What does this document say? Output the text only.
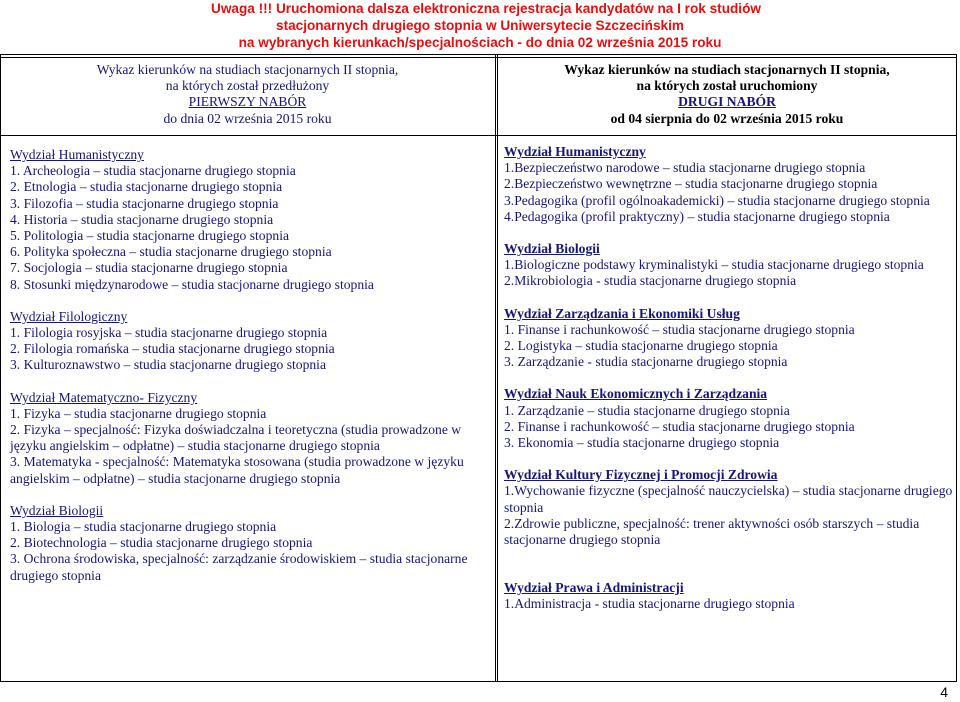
Uwaga !!! Uruchomiona dalsza elektroniczna rejestracja kandydatów na I rok studiów
stacjonarnych drugiego stopnia w Uniwersytecie Szczecińskim
na wybranych kierunkach/specjalnościach - do dnia 02 września 2015 roku
Wykaz kierunków na studiach stacjonarnych II stopnia,
na których został przedłużony
PIERWSZY NABÓR
do dnia 02 września 2015 roku
Wykaz kierunków na studiach stacjonarnych II stopnia,
na których został uruchomiony
DRUGI NABÓR
od 04 sierpnia do 02 września 2015 roku

Wydział Humanistyczny

1. Archeologia – studia stacjonarne drugiego stopnia

2. Etnologia – studia stacjonarne drugiego stopnia

3. Filozofia – studia stacjonarne drugiego stopnia

4. Historia – studia stacjonarne drugiego stopnia

5. Politologia – studia stacjonarne drugiego stopnia

6. Polityka społeczna – studia stacjonarne drugiego stopnia

7. Socjologia – studia stacjonarne drugiego stopnia

8. Stosunki międzynarodowe – studia stacjonarne drugiego stopnia

Wydział Filologiczny

1. Filologia rosyjska – studia stacjonarne drugiego stopnia

2. Filologia romańska – studia stacjonarne drugiego stopnia

3. Kulturoznawstwo – studia stacjonarne drugiego stopnia

Wydział Matematyczno- Fizyczny

1. Fizyka – studia stacjonarne drugiego stopnia

2. Fizyka – specjalność: Fizyka doświadczalna i teoretyczna (studia prowadzone w języku angielskim – odpłatne) – studia stacjonarne drugiego stopnia

3. Matematyka - specjalność: Matematyka stosowana (studia prowadzone w języku angielskim – odpłatne) – studia stacjonarne drugiego stopnia

Wydział Biologii

1. Biologia – studia stacjonarne drugiego stopnia

2. Biotechnologia – studia stacjonarne drugiego stopnia

3. Ochrona środowiska, specjalność: zarządzanie środowiskiem – studia stacjonarne drugiego stopnia

Wydział Humanistyczny

1.Bezpieczeństwo narodowe – studia stacjonarne drugiego stopnia

2.Bezpieczeństwo wewnętrzne – studia stacjonarne drugiego stopnia

3.Pedagogika (profil ogólnoakademicki) – studia stacjonarne drugiego stopnia

4.Pedagogika (profil praktyczny) – studia stacjonarne drugiego stopnia

Wydział Biologii

1.Biologiczne podstawy kryminalistyki – studia stacjonarne drugiego stopnia

2.Mikrobiologia - studia stacjonarne drugiego stopnia

Wydział Zarządzania i Ekonomiki Usług

1. Finanse i rachunkowość – studia stacjonarne drugiego stopnia

2. Logistyka – studia stacjonarne drugiego stopnia

3. Zarządzanie - studia stacjonarne drugiego stopnia

Wydział Nauk Ekonomicznych i Zarządzania

1. Zarządzanie – studia stacjonarne drugiego stopnia

2. Finanse i rachunkowość – studia stacjonarne drugiego stopnia

3. Ekonomia – studia stacjonarne drugiego stopnia

Wydział Kultury Fizycznej i Promocji Zdrowia

1.Wychowanie fizyczne (specjalność nauczycielska) – studia stacjonarne drugiego stopnia

2.Zdrowie publiczne, specjalność: trener aktywności osób starszych – studia stacjonarne drugiego stopnia

Wydział Prawa i Administracji

1.Administracja - studia stacjonarne drugiego stopnia

4
